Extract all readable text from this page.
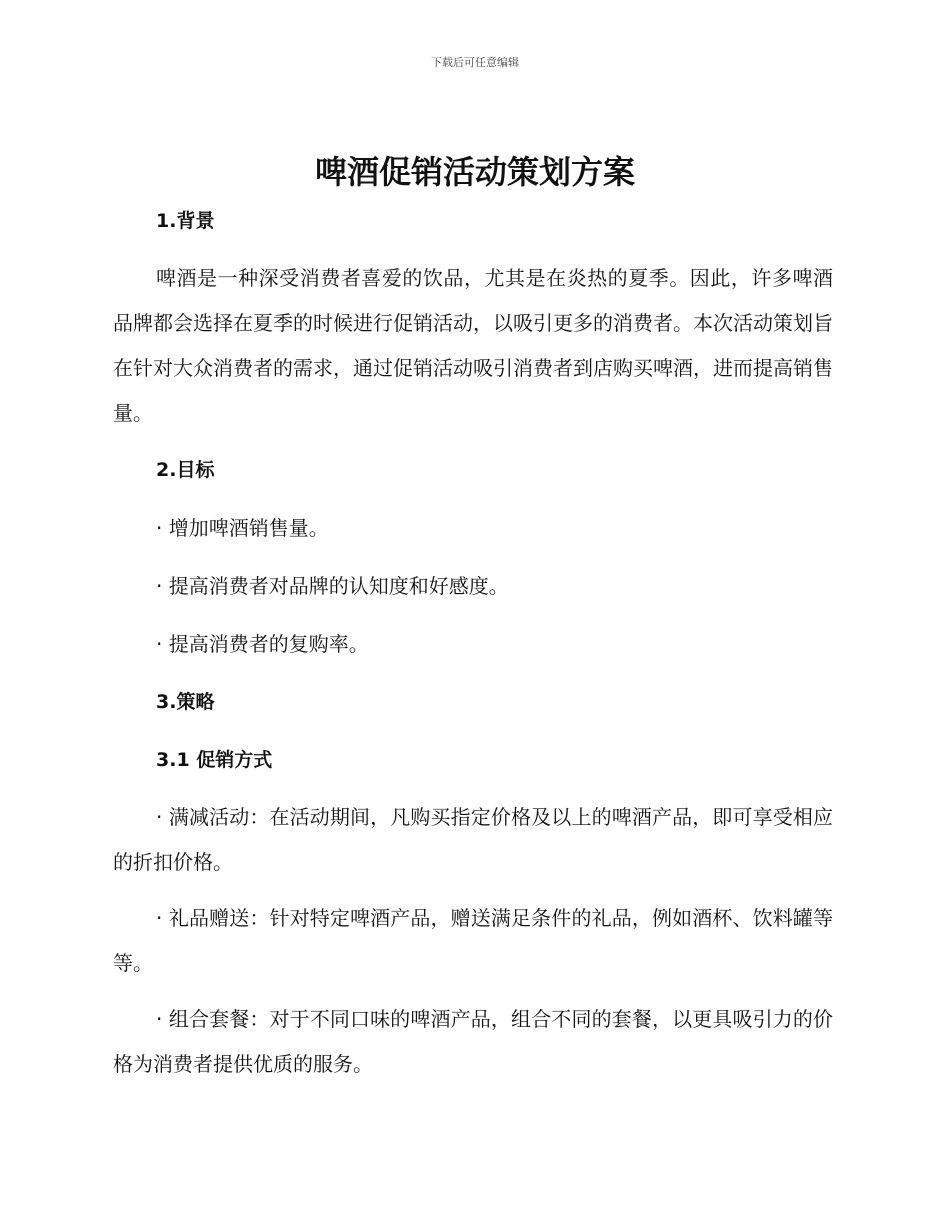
下载后可任意编辑
啤酒促销活动策划方案
1.背景

啤酒是一种深受消费者喜爱的饮品，尤其是在炎热的夏季。因此，许多啤酒品牌都会选择在夏季的时候进行促销活动，以吸引更多的消费者。本次活动策划旨在针对大众消费者的需求，通过促销活动吸引消费者到店购买啤酒，进而提高销售量。

2.目标
· 增加啤酒销售量。
· 提高消费者对品牌的认知度和好感度。
· 提高消费者的复购率。
3.策略
3.1 促销方式

· 满减活动：在活动期间，凡购买指定价格及以上的啤酒产品，即可享受相应的折扣价格。

· 礼品赠送：针对特定啤酒产品，赠送满足条件的礼品，例如酒杯、饮料罐等等。

· 组合套餐：对于不同口味的啤酒产品，组合不同的套餐，以更具吸引力的价格为消费者提供优质的服务。
